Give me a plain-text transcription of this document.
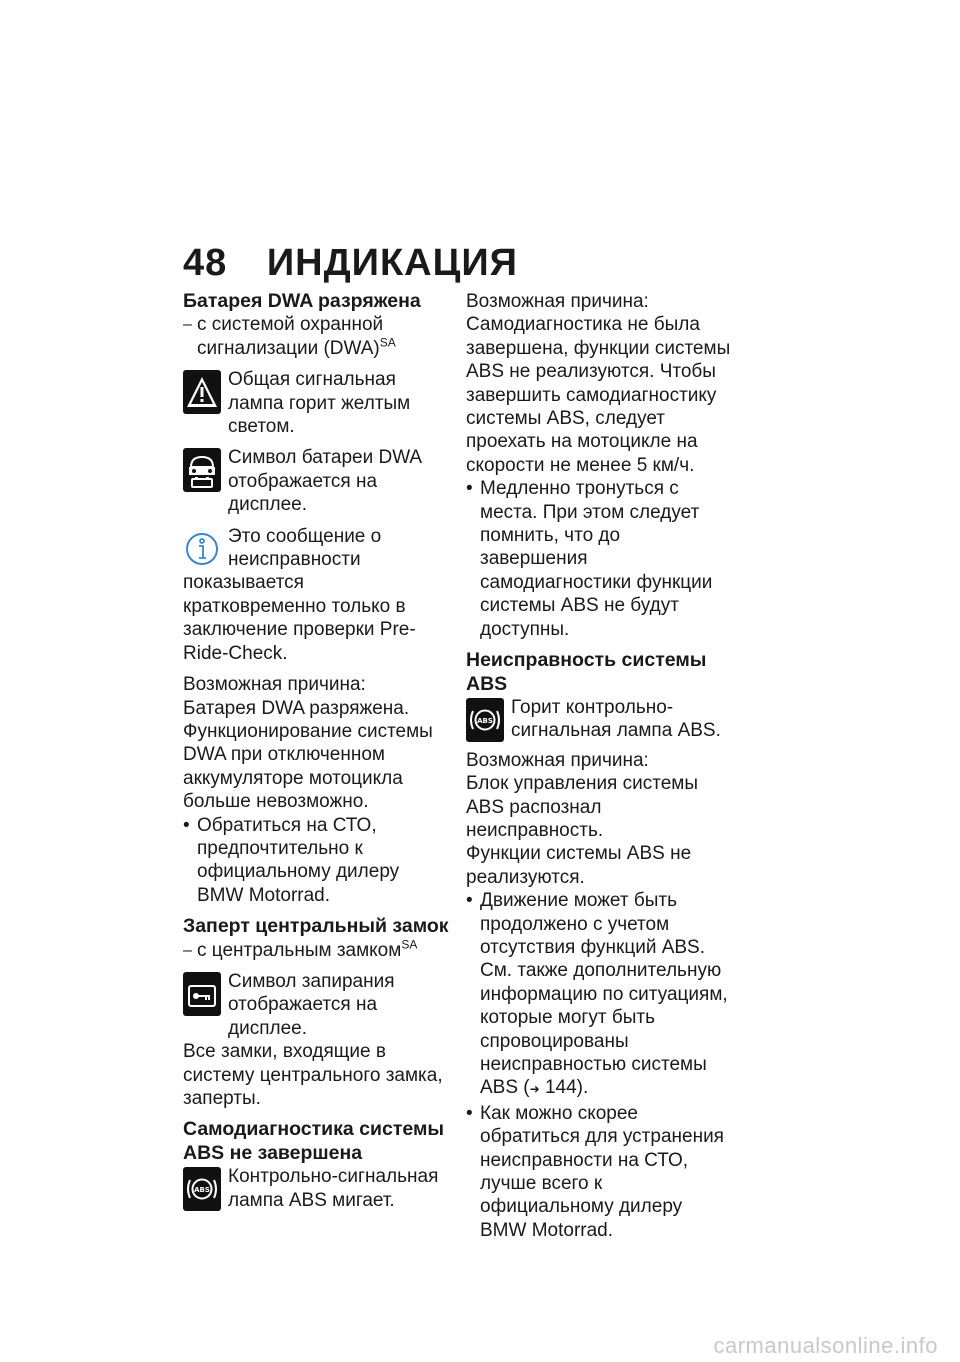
48 ИНДИКАЦИЯ

Батарея DWA разряжена

– с системой охранной сигнализации (DWA)$^{SA}$

Общая сигнальная лампа горит желтым светом.

Символ батареи DWA отображается на дисплее.

Это сообщение о неисправности показывается кратковременно только в заключение проверки Pre-Ride-Check.

Возможная причина:

Батарея DWA разряжена.

Функционирование системы DWA при отключенном аккумуляторе мотоцикла больше невозможно.

• Обратиться на СТО, предпочтительно к официальному дилеру BMW Motorrad.

Заперт центральный замок

– с центральным замком$^{SA}$

Символ запирания отображается на дисплее.

Все замки, входящие в систему центрального замка, заперты.

Самодиагностика системы ABS не завершена

ABS

Контрольно-сигнальная лампа ABS мигает.

Возможная причина:

Самодиагностика не была завершена, функции системы ABS не реализуются. Чтобы завершить самодиагностику системы ABS, следует проехать на мотоцикле на скорости не менее 5 км/ч.

• Медленно тронуться с места. При этом следует помнить, что до завершения самодиагностики функции системы ABS не будут доступны.

Неисправность системы ABS

ABS

Горит контрольно-сигнальная лампа ABS.

Возможная причина:

Блок управления системы ABS распознал неисправность.

Функции системы ABS не реализуются.

• Движение может быть продолжено с учетом отсутствия функций ABS. См. также дополнительную информацию по ситуациям, которые могут быть спровоцированы неисправностью системы ABS (➜ 144).
• Как можно скорее обратиться для устранения неисправности на СТО, лучше всего к официальному дилеру BMW Motorrad.
carmanualsonline.info
